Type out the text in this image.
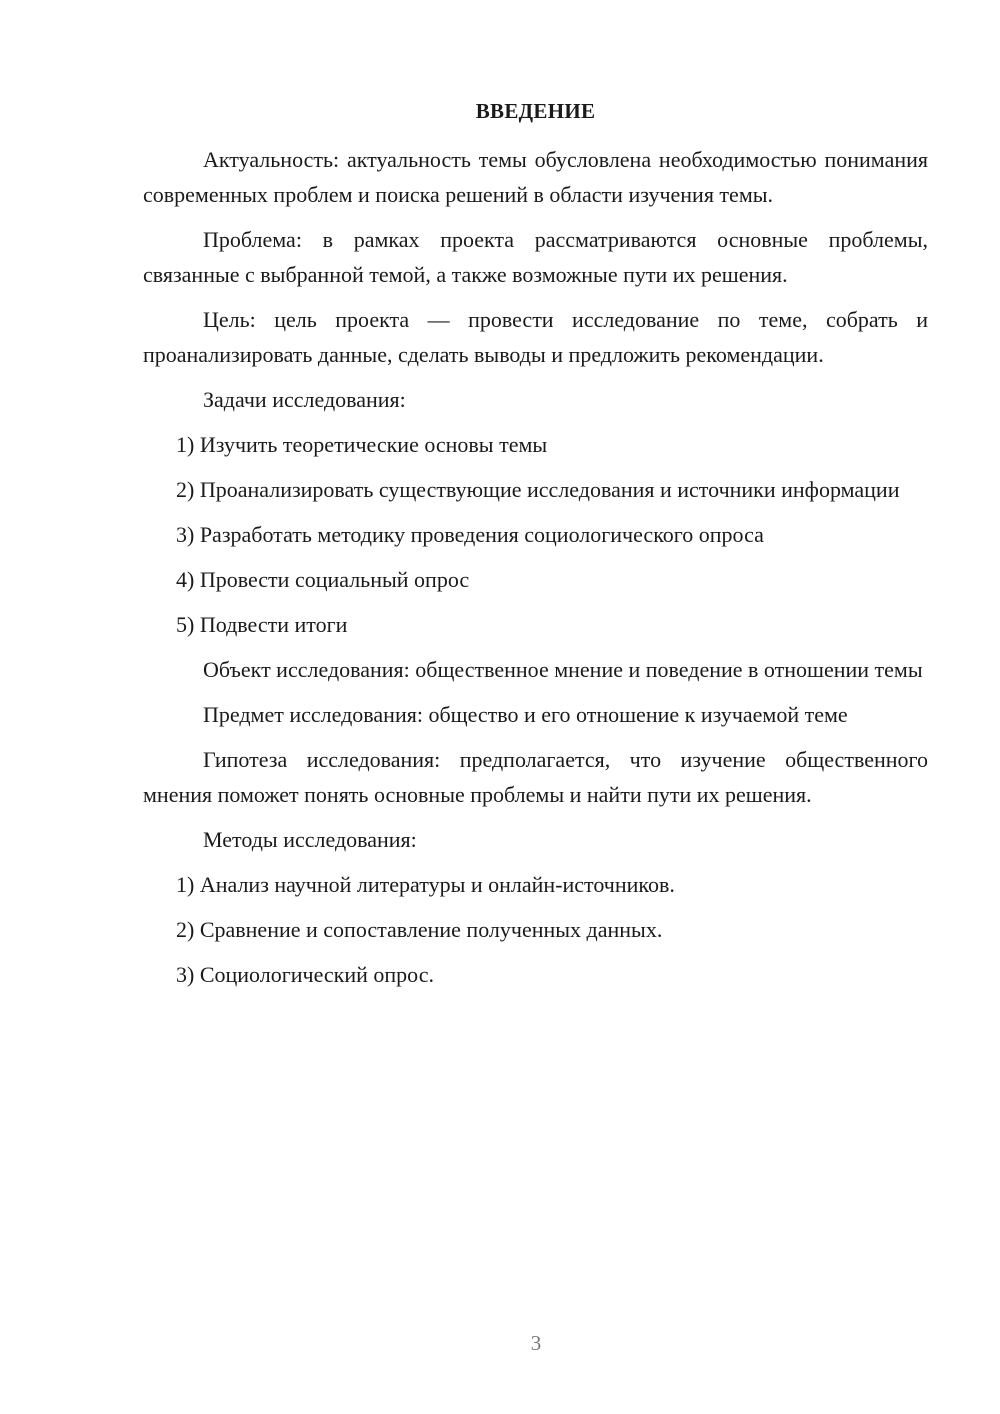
ВВЕДЕНИЕ

Актуальность: актуальность темы обусловлена необходимостью понимания современных проблем и поиска решений в области изучения темы.

Проблема: в рамках проекта рассматриваются основные проблемы, связанные с выбранной темой, а также возможные пути их решения.

Цель: цель проекта — провести исследование по теме, собрать и проанализировать данные, сделать выводы и предложить рекомендации.

Задачи исследования:

1) Изучить теоретические основы темы

2) Проанализировать существующие исследования и источники информации

3) Разработать методику проведения социологического опроса

4) Провести социальный опрос

5) Подвести итоги

Объект исследования: общественное мнение и поведение в отношении темы

Предмет исследования: общество и его отношение к изучаемой теме

Гипотеза исследования: предполагается, что изучение общественного мнения поможет понять основные проблемы и найти пути их решения.

Методы исследования:

1) Анализ научной литературы и онлайн-источников.

2) Сравнение и сопоставление полученных данных.

3) Социологический опрос.

3
